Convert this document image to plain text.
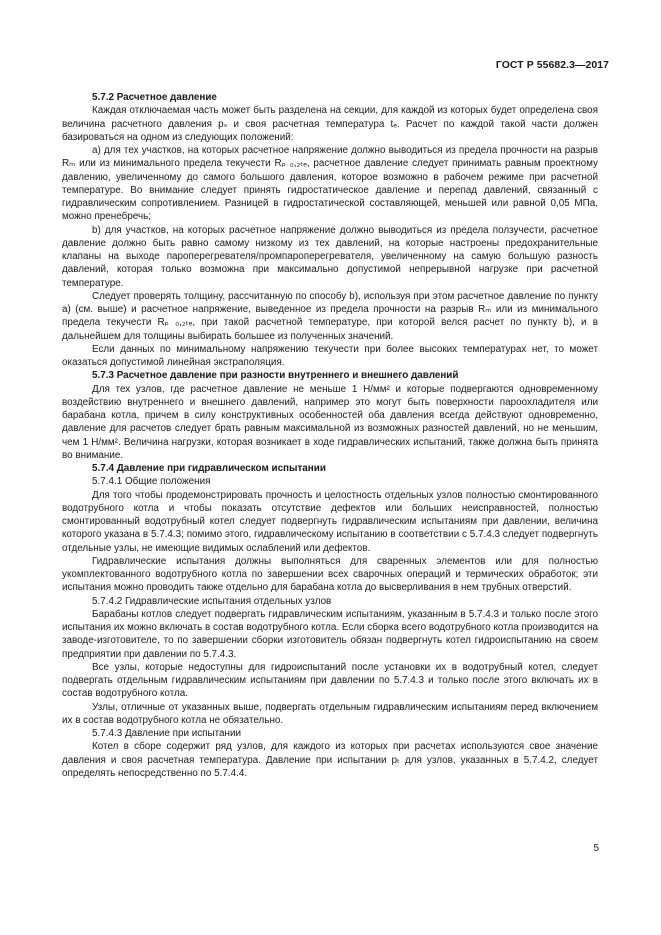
ГОСТ Р 55682.3—2017

5.7.2 Расчетное давление

Каждая отключаемая часть может быть разделена на секции, для каждой из которых будет определена своя величина расчетного давления pₛ и своя расчетная температура tₑ. Расчет по каждой такой части должен базироваться на одном из следующих положений:

а) для тех участков, на которых расчетное напряжение должно выводиться из предела прочности на разрыв Rₘ или из минимального предела текучести Rₚ ₀,₂ₜₑ, расчетное давление следует принимать равным проектному давлению, увеличенному до самого большого давления, которое возможно в рабочем режиме при расчетной температуре. Во внимание следует принять гидростатическое давление и перепад давлений, связанный с гидравлическим сопротивлением. Разницей в гидростатической составляющей, меньшей или равной 0,05 МПа, можно пренебречь;

b) для участков, на которых расчетное напряжение должно выводиться из предела ползучести, расчетное давление должно быть равно самому низкому из тех давлений, на которые настроены предохранительные клапаны на выходе пароперегревателя/промпароперегревателя, увеличенному на самую большую разность давлений, которая только возможна при максимально допустимой непрерывной нагрузке при расчетной температуре.

Следует проверять толщину, рассчитанную по способу b), используя при этом расчетное давление по пункту а) (см. выше) и расчетное напряжение, выведенное из предела прочности на разрыв Rₘ или из минимального предела текучести Rₚ ₀,₂ₜₑ, при такой расчетной температуре, при которой велся расчет по пункту b), и в дальнейшем для толщины выбирать большее из полученных значений.

Если данных по минимальному напряжению текучести при более высоких температурах нет, то может оказаться допустимой линейная экстраполяция.

5.7.3 Расчетное давление при разности внутреннего и внешнего давлений

Для тех узлов, где расчетное давление не меньше 1 Н/мм² и которые подвергаются одновременному воздействию внутреннего и внешнего давлений, например это могут быть поверхности пароохладителя или барабана котла, причем в силу конструктивных особенностей оба давления всегда действуют одновременно, давление для расчетов следует брать равным максимальной из возможных разностей давлений, но не меньшим, чем 1 Н/мм². Величина нагрузки, которая возникает в ходе гидравлических испытаний, также должна быть принята во внимание.

5.7.4 Давление при гидравлическом испытании

5.7.4.1 Общие положения

Для того чтобы продемонстрировать прочность и целостность отдельных узлов полностью смонтированного водотрубного котла и чтобы показать отсутствие дефектов или больших неисправностей, полностью смонтированный водотрубный котел следует подвергнуть гидравлическим испытаниям при давлении, величина которого указана в 5.7.4.3; помимо этого, гидравлическому испытанию в соответствии с 5.7.4.3 следует подвергнуть отдельные узлы, не имеющие видимых ослаблений или дефектов.

Гидравлические испытания должны выполняться для сваренных элементов или для полностью укомплектованного водотрубного котла по завершении всех сварочных операций и термических обработок; эти испытания можно проводить также отдельно для барабана котла до высверливания в нем трубных отверстий.

5.7.4.2 Гидравлические испытания отдельных узлов

Барабаны котлов следует подвергать гидравлическим испытаниям, указанным в 5.7.4.3 и только после этого испытания их можно включать в состав водотрубного котла. Если сборка всего водотрубного котла производится на заводе-изготовителе, то по завершении сборки изготовитель обязан подвергнуть котел гидроиспытанию на своем предприятии при давлении по 5.7.4.3.

Все узлы, которые недоступны для гидроиспытаний после установки их в водотрубный котел, следует подвергать отдельным гидравлическим испытаниям при давлении по 5.7.4.3 и только после этого включать их в состав водотрубного котла.

Узлы, отличные от указанных выше, подвергать отдельным гидравлическим испытаниям перед включением их в состав водотрубного котла не обязательно.

5.7.4.3 Давление при испытании

Котел в сборе содержит ряд узлов, для каждого из которых при расчетах используются свое значение давления и своя расчетная температура. Давление при испытании pₜ для узлов, указанных в 5.7.4.2, следует определять непосредственно по 5.7.4.4.

5
